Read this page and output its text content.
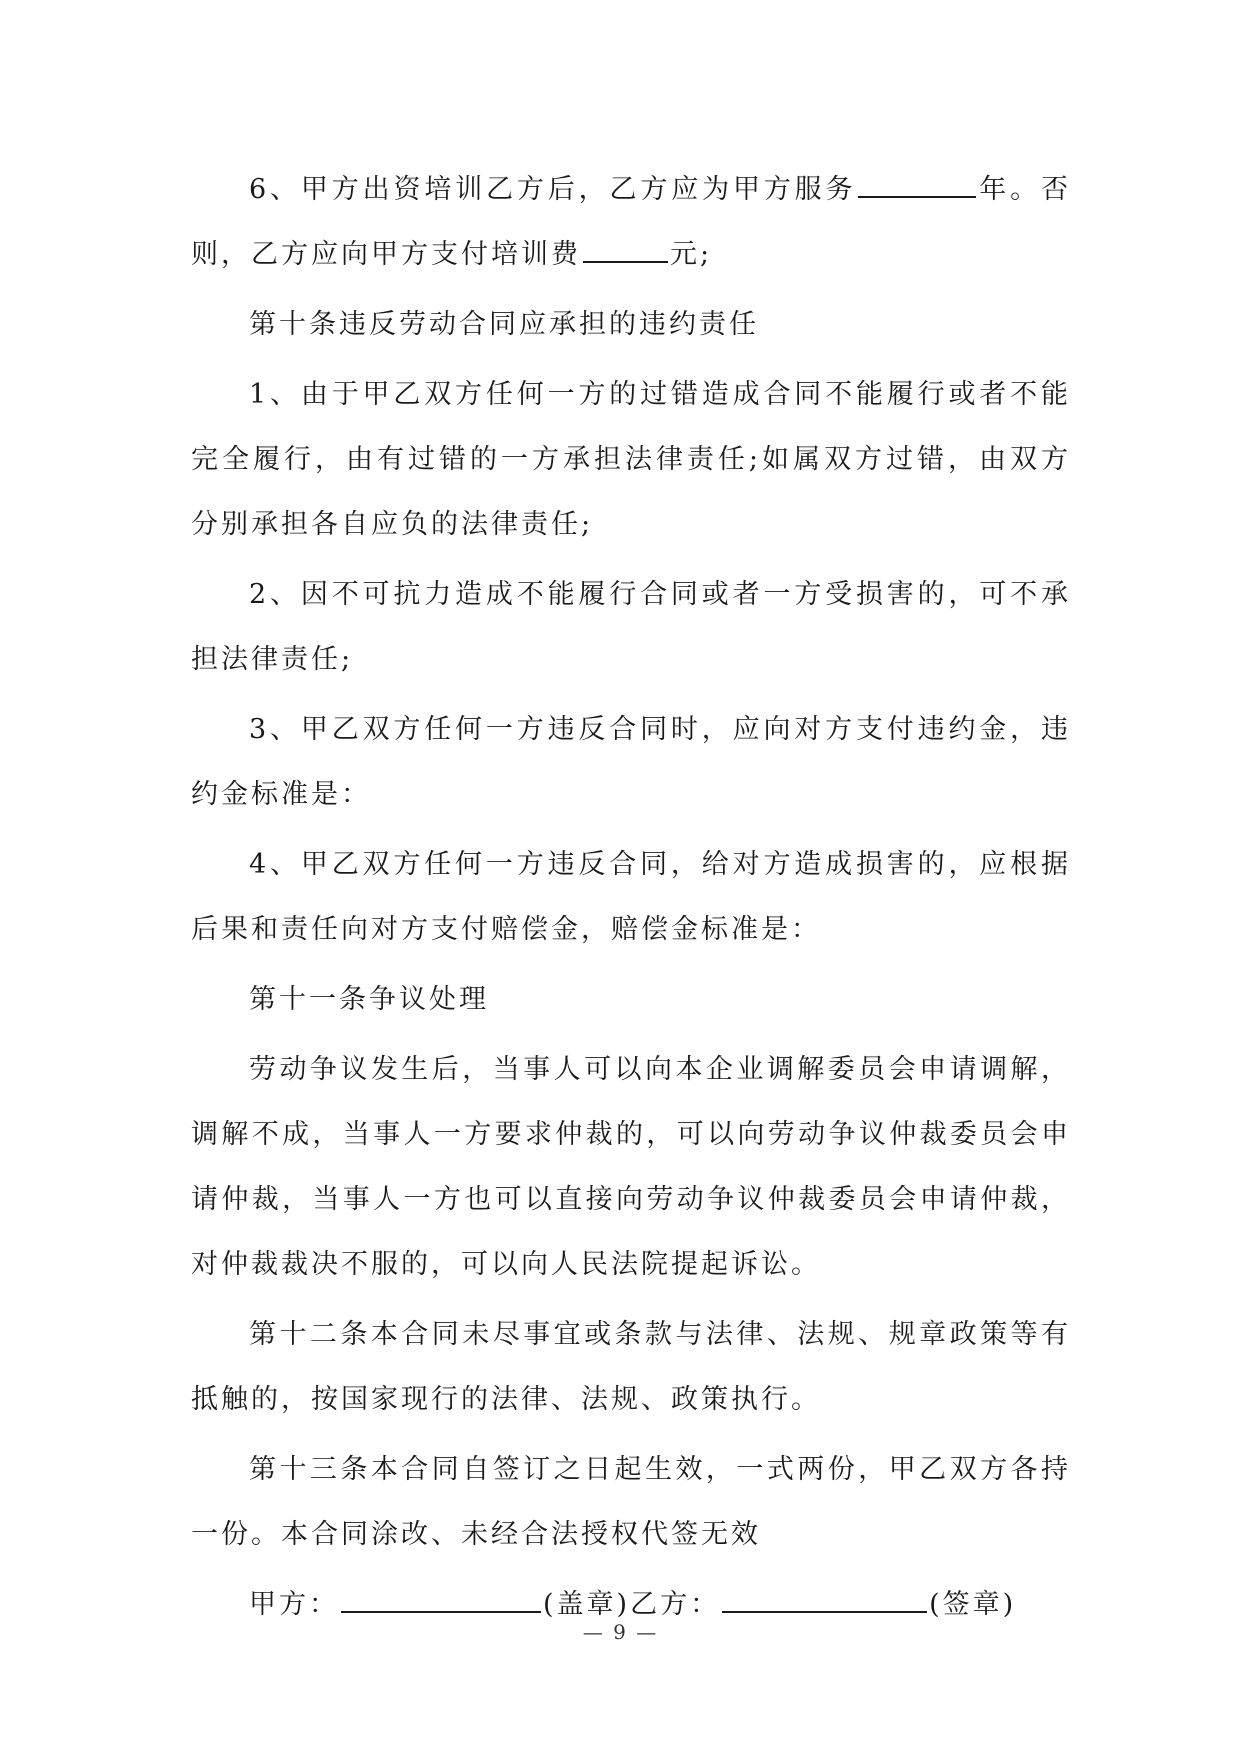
6、甲方出资培训乙方后，乙方应为甲方服务	年。否则，乙方应向甲方支付培训费	元;

第十条违反劳动合同应承担的违约责任

1、由于甲乙双方任何一方的过错造成合同不能履行或者不能完全履行，由有过错的一方承担法律责任;如属双方过错，由双方分别承担各自应负的法律责任;

2、因不可抗力造成不能履行合同或者一方受损害的，可不承担法律责任;

3、甲乙双方任何一方违反合同时，应向对方支付违约金，违约金标准是：

4、甲乙双方任何一方违反合同，给对方造成损害的，应根据后果和责任向对方支付赔偿金，赔偿金标准是：

第十一条争议处理

劳动争议发生后，当事人可以向本企业调解委员会申请调解，调解不成，当事人一方要求仲裁的，可以向劳动争议仲裁委员会申请仲裁，当事人一方也可以直接向劳动争议仲裁委员会申请仲裁，对仲裁裁决不服的，可以向人民法院提起诉讼。

第十二条本合同未尽事宜或条款与法律、法规、规章政策等有抵触的，按国家现行的法律、法规、政策执行。

第十三条本合同自签订之日起生效，一式两份，甲乙双方各持一份。本合同涂改、未经合法授权代签无效

甲方：	(盖章)乙方：	(签章)

— 9 —
